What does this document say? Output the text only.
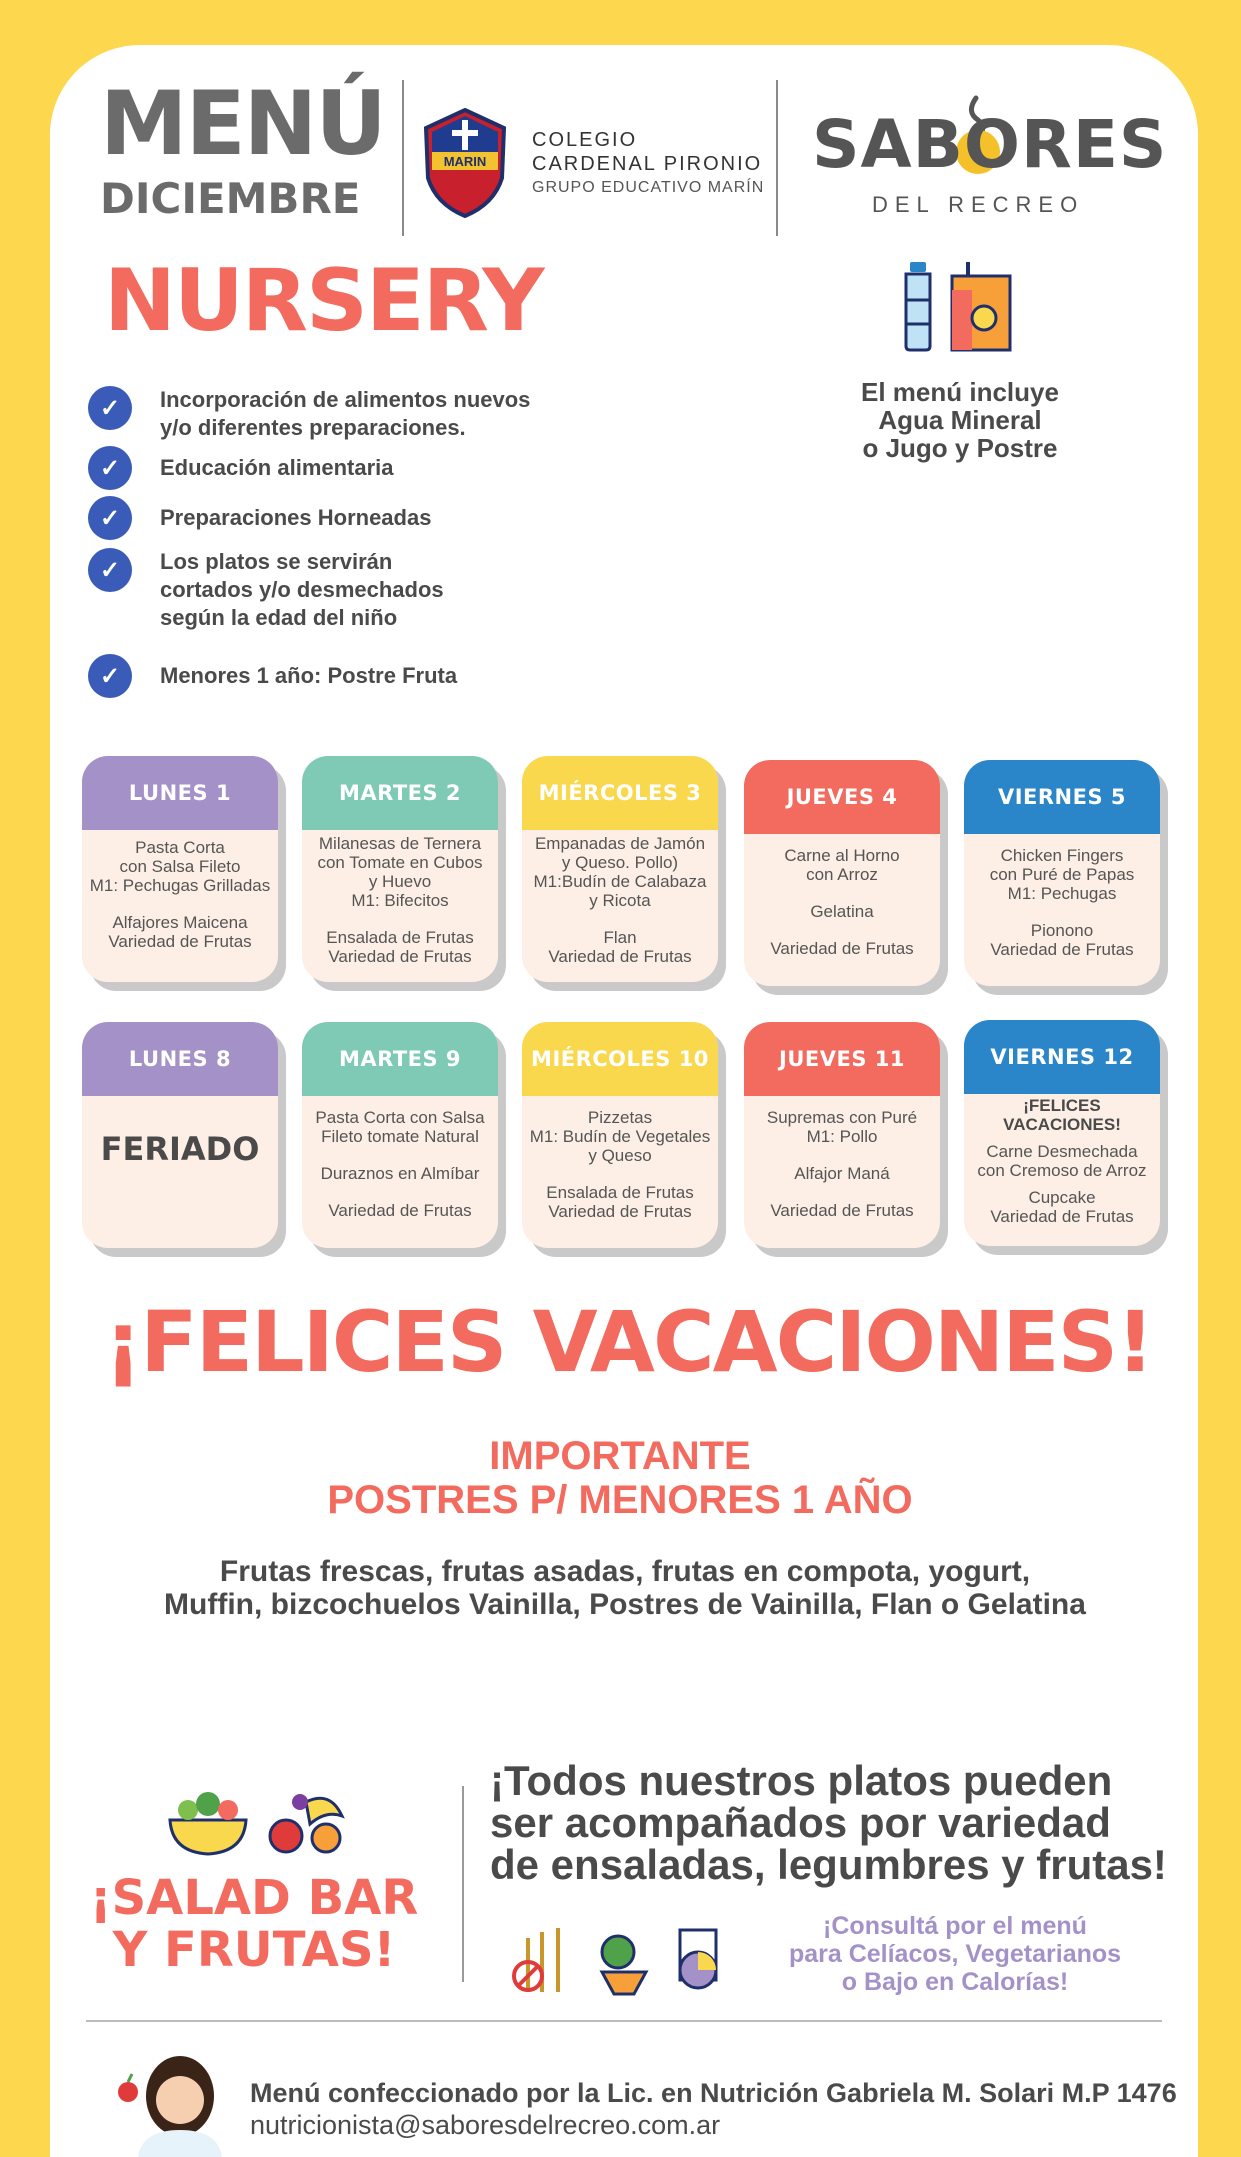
MENÚ
DICIEMBRE
MARIN
COLEGIO
CARDENAL PIRONIO
GRUPO EDUCATIVO MARÍN
SABORES
DEL RECREO
NURSERY
✓	Incorporación de alimentos nuevos
y/o diferentes preparaciones.
✓	Educación alimentaria
✓	Preparaciones Horneadas
✓	Los platos se servirán
cortados y/o desmechados
según la edad del niño
✓	Menores 1 año: Postre Fruta
El menú incluye
Agua Mineral
o Jugo y Postre
LUNES 1

Pasta Corta
con Salsa Fileto
M1: Pechugas Grilladas

Alfajores Maicena
Variedad de Frutas

MARTES 2

Milanesas de Ternera
con Tomate en Cubos
y Huevo
M1: Bifecitos

Ensalada de Frutas
Variedad de Frutas

MIÉRCOLES 3

Empanadas de Jamón
y Queso. Pollo)
M1:Budín de Calabaza
y Ricota

Flan
Variedad de Frutas

JUEVES 4

Carne al Horno
con Arroz

Gelatina

Variedad de Frutas

VIERNES 5

Chicken Fingers
con Puré de Papas
M1: Pechugas

Pionono
Variedad de Frutas

LUNES 8
FERIADO
MARTES 9

Pasta Corta con Salsa
Fileto tomate Natural

Duraznos en Almíbar

Variedad de Frutas

MIÉRCOLES 10

Pizzetas
M1: Budín de Vegetales
y Queso

Ensalada de Frutas
Variedad de Frutas

JUEVES 11

Supremas con Puré
M1: Pollo

Alfajor Maná

Variedad de Frutas

VIERNES 12

¡FELICES
VACACIONES!

Carne Desmechada
con Cremoso de Arroz

Cupcake
Variedad de Frutas

¡FELICES VACACIONES!
IMPORTANTE
POSTRES P/ MENORES 1 AÑO
Frutas frescas, frutas asadas, frutas en compota, yogurt,
Muffin, bizcochuelos Vainilla, Postres de Vainilla, Flan o Gelatina
¡SALAD BAR
Y FRUTAS!
¡Todos nuestros platos pueden
ser acompañados por variedad
de ensaladas, legumbres y frutas!
¡Consultá por el menú
para Celíacos, Vegetarianos
o Bajo en Calorías!
Menú confeccionado por la Lic. en Nutrición Gabriela M. Solari M.P 1476
nutricionista@saboresdelrecreo.com.ar
